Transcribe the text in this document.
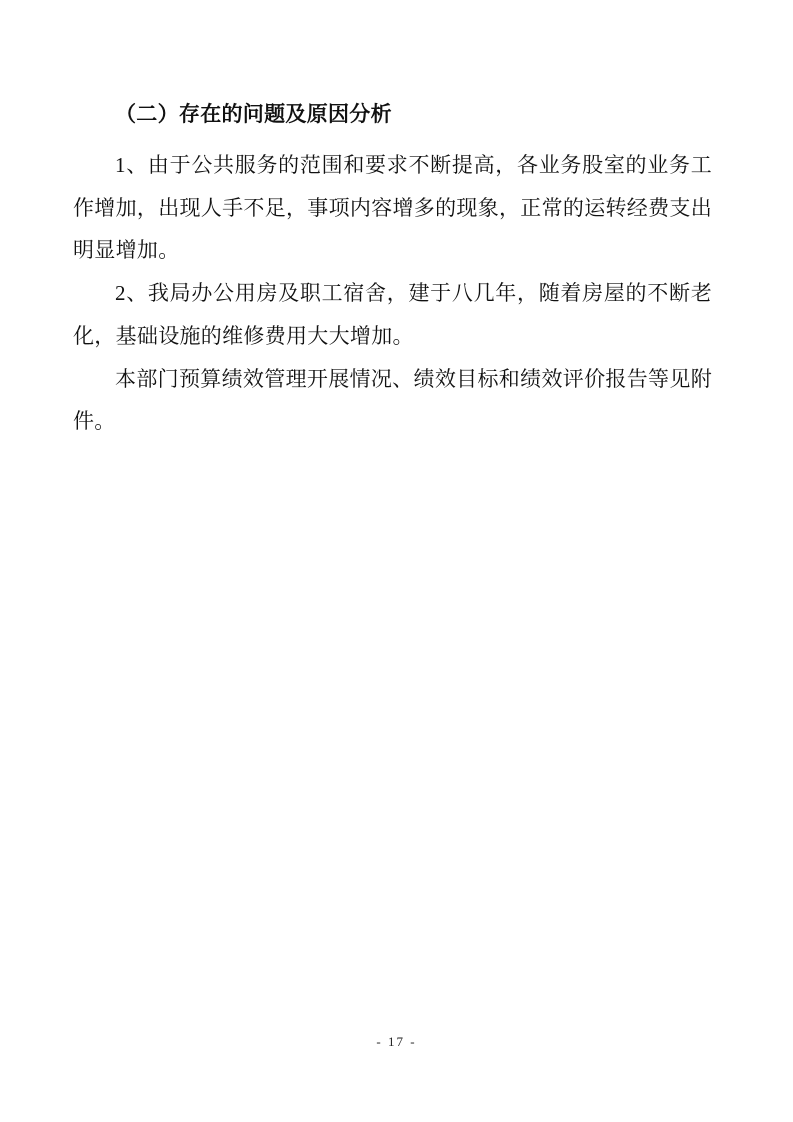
（二）存在的问题及原因分析

1、由于公共服务的范围和要求不断提高，各业务股室的业务工作增加，出现人手不足，事项内容增多的现象，正常的运转经费支出明显增加。

2、我局办公用房及职工宿舍，建于八几年，随着房屋的不断老化，基础设施的维修费用大大增加。

本部门预算绩效管理开展情况、绩效目标和绩效评价报告等见附件。

- 17 -
